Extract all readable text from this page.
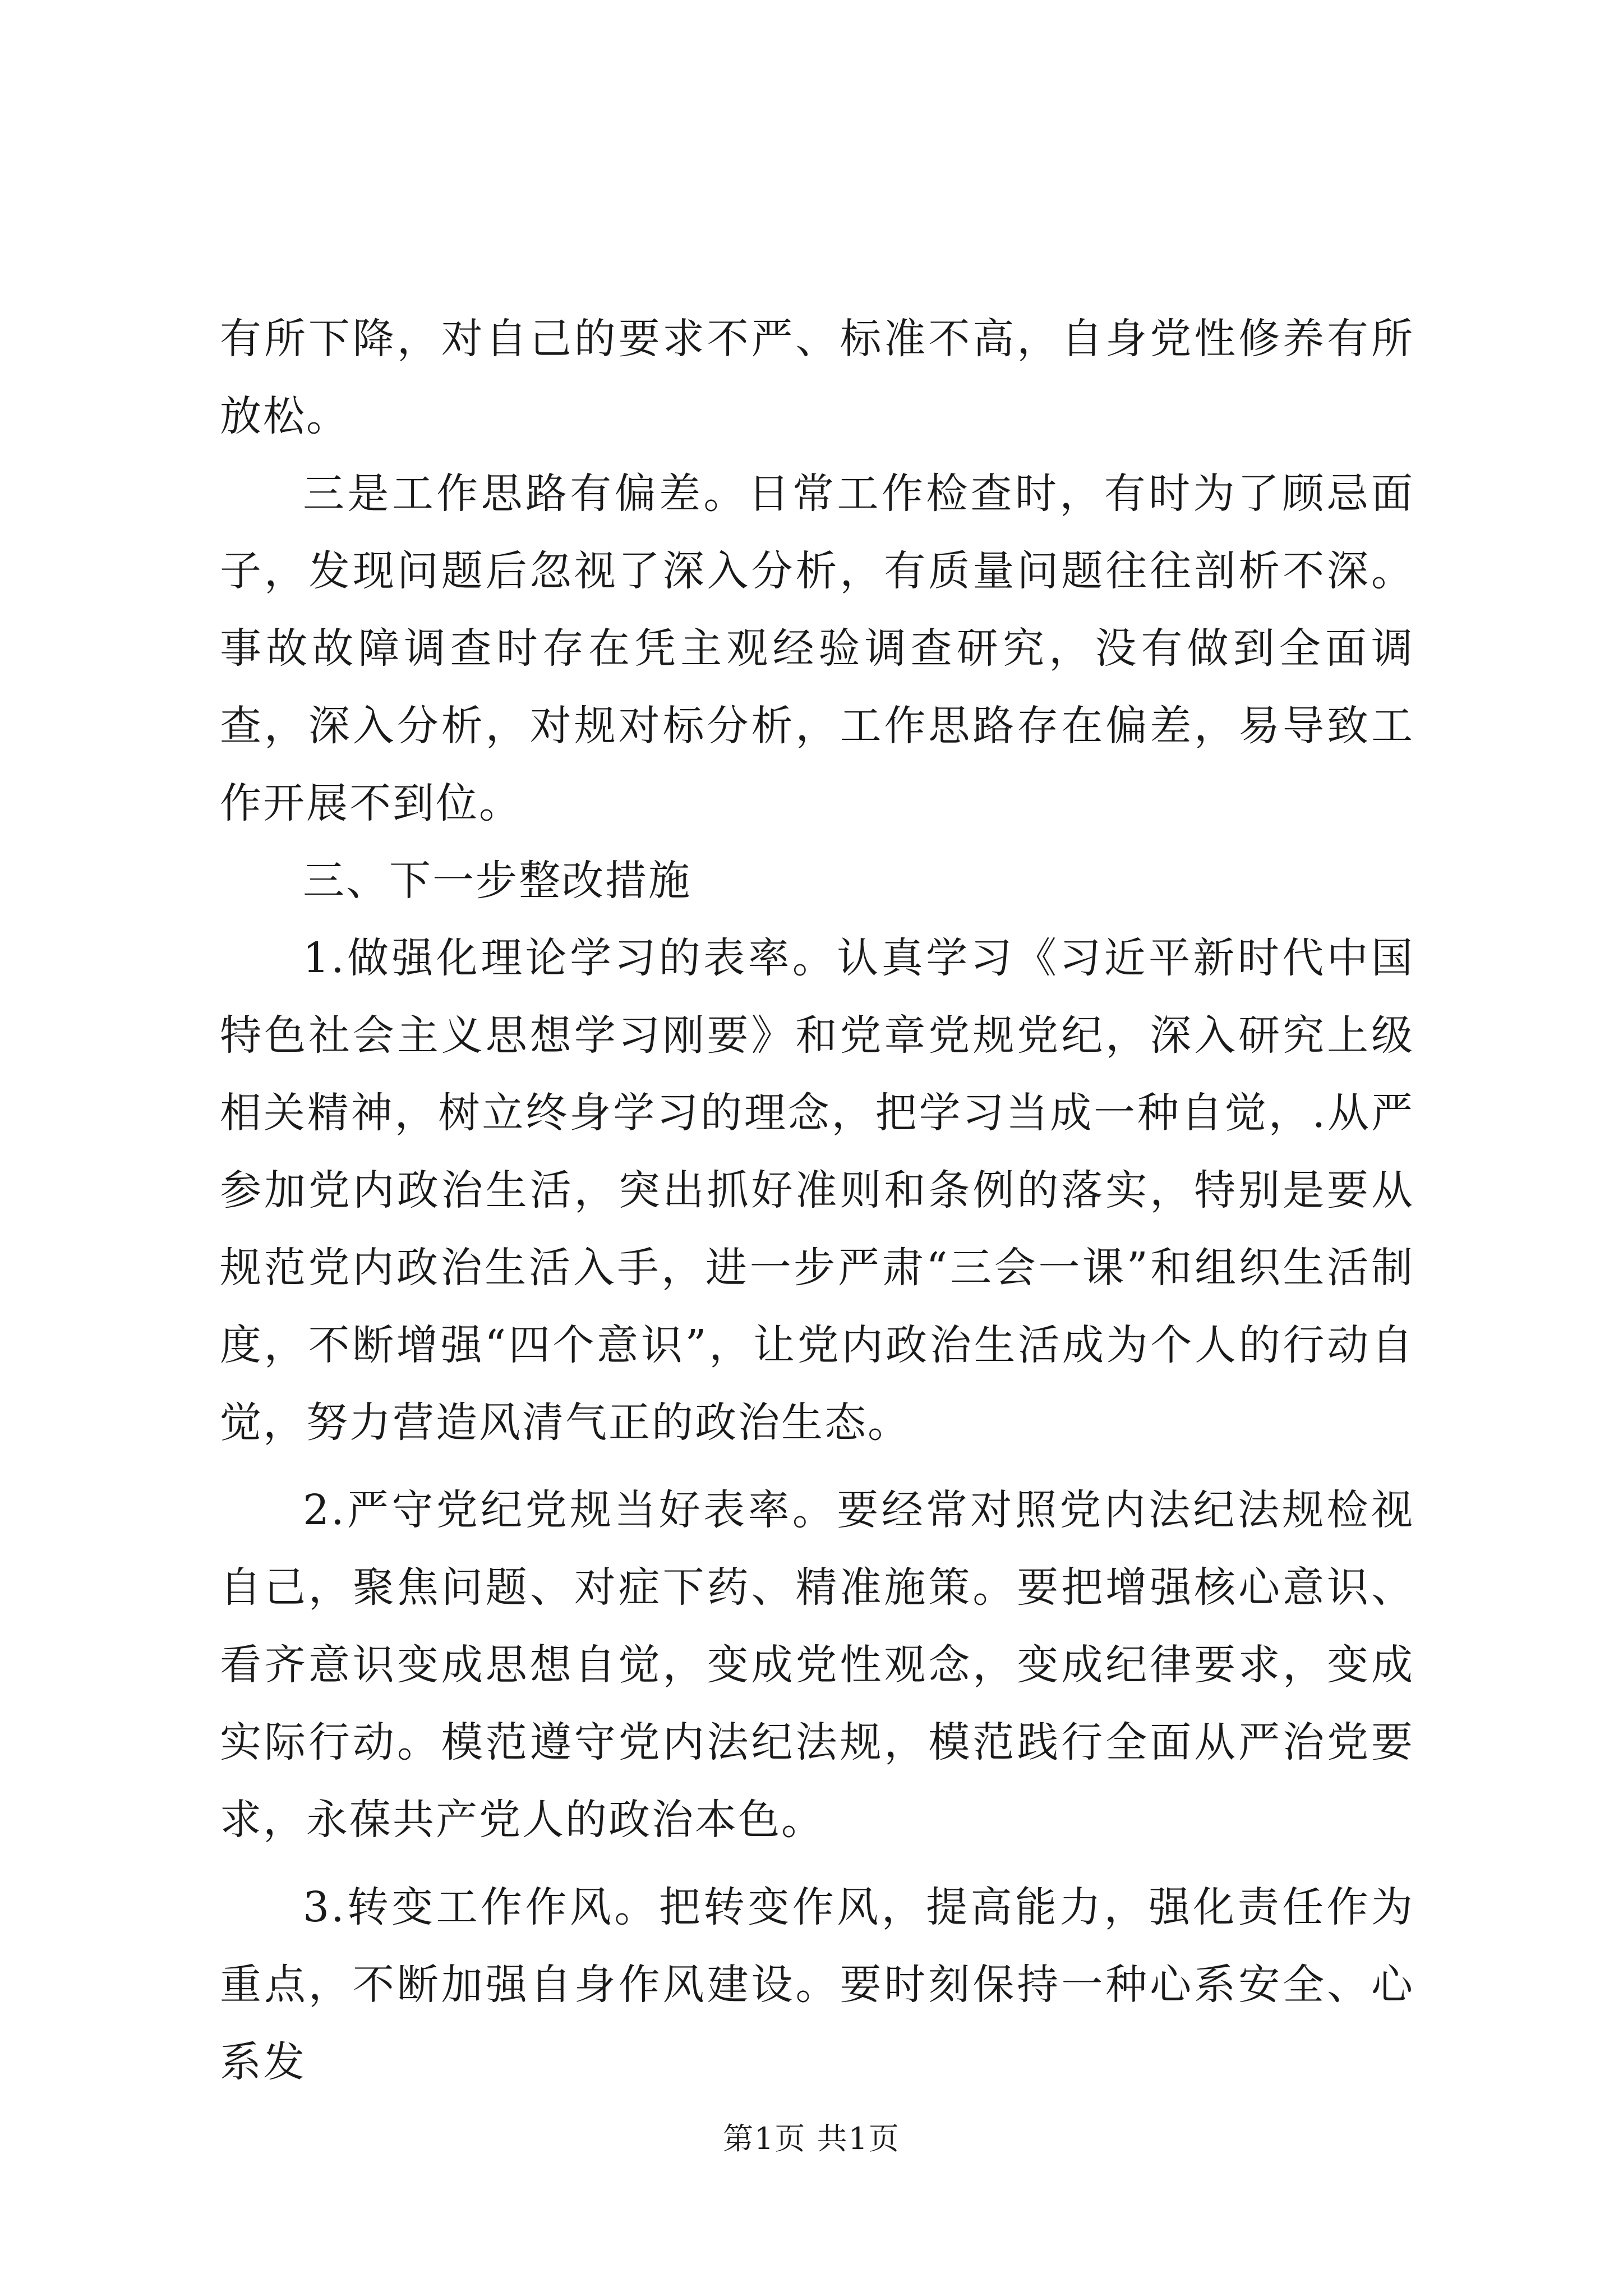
有所下降，对自己的要求不严、标准不高，自身党性修养有所放松。

三是工作思路有偏差。日常工作检查时，有时为了顾忌面子，发现问题后忽视了深入分析，有质量问题往往剖析不深。事故故障调查时存在凭主观经验调查研究，没有做到全面调查，深入分析，对规对标分析，工作思路存在偏差，易导致工作开展不到位。

三、下一步整改措施

1.做强化理论学习的表率。认真学习《习近平新时代中国特色社会主义思想学习刚要》和党章党规党纪，深入研究上级相关精神，树立终身学习的理念，把学习当成一种自觉，.从严参加党内政治生活，突出抓好准则和条例的落实，特别是要从规范党内政治生活入手，进一步严肃“三会一课”和组织生活制度，不断增强“四个意识”，让党内政治生活成为个人的行动自觉，努力营造风清气正的政治生态。

2.严守党纪党规当好表率。要经常对照党内法纪法规检视自己，聚焦问题、对症下药、精准施策。要把增强核心意识、看齐意识变成思想自觉，变成党性观念，变成纪律要求，变成实际行动。模范遵守党内法纪法规，模范践行全面从严治党要求，永葆共产党人的政治本色。

3.转变工作作风。把转变作风，提高能力，强化责任作为重点，不断加强自身作风建设。要时刻保持一种心系安全、心系发

第1页 共1页
